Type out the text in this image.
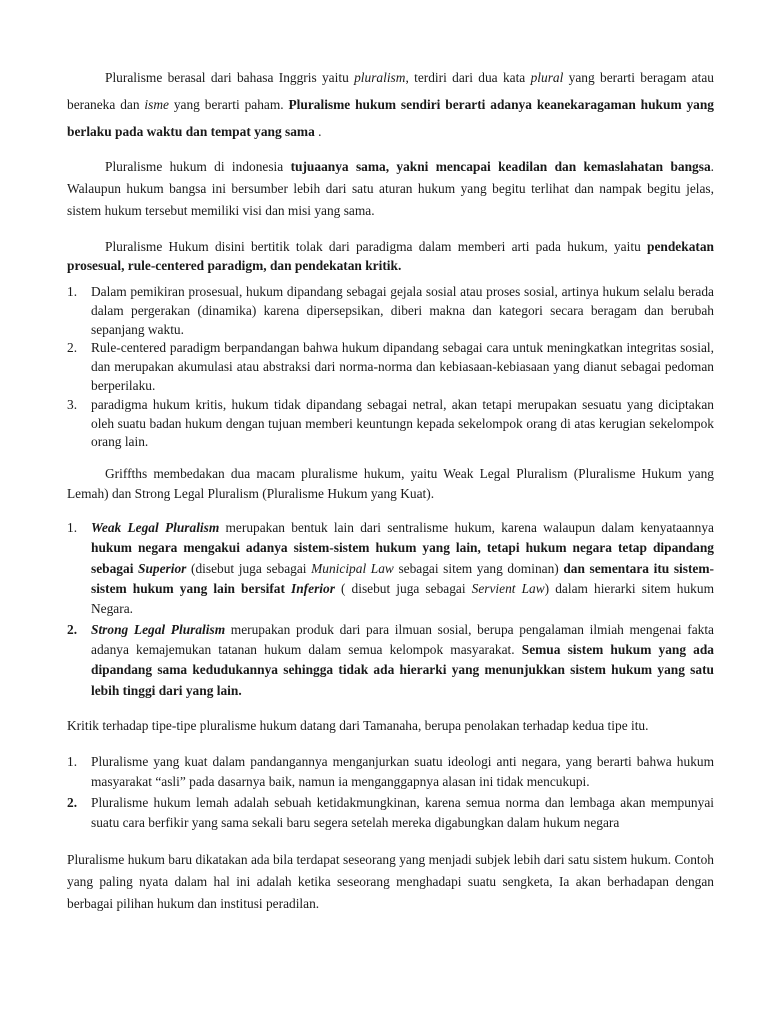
Pluralisme berasal dari bahasa Inggris yaitu pluralism, terdiri dari dua kata plural yang berarti beragam atau beraneka dan isme yang berarti paham. Pluralisme hukum sendiri berarti adanya keanekaragaman hukum yang berlaku pada waktu dan tempat yang sama .

Pluralisme hukum di indonesia tujuaanya sama, yakni mencapai keadilan dan kemaslahatan bangsa. Walaupun hukum bangsa ini bersumber lebih dari satu aturan hukum yang begitu terlihat dan nampak begitu jelas, sistem hukum tersebut memiliki visi dan misi yang sama.

Pluralisme Hukum disini bertitik tolak dari paradigma dalam memberi arti pada hukum, yaitu pendekatan prosesual, rule-centered paradigm, dan pendekatan kritik.

1. Dalam pemikiran prosesual, hukum dipandang sebagai gejala sosial atau proses sosial, artinya hukum selalu berada dalam pergerakan (dinamika) karena dipersepsikan, diberi makna dan kategori secara beragam dan berubah sepanjang waktu.
2. Rule-centered paradigm berpandangan bahwa hukum dipandang sebagai cara untuk meningkatkan integritas sosial, dan merupakan akumulasi atau abstraksi dari norma-norma dan kebiasaan-kebiasaan yang dianut sebagai pedoman berperilaku.
3. paradigma hukum kritis, hukum tidak dipandang sebagai netral, akan tetapi merupakan sesuatu yang diciptakan oleh suatu badan hukum dengan tujuan memberi keuntungn kepada sekelompok orang di atas kerugian sekelompok orang lain.

Griffths membedakan dua macam pluralisme hukum, yaitu Weak Legal Pluralism (Pluralisme Hukum yang Lemah) dan Strong Legal Pluralism (Pluralisme Hukum yang Kuat).

1. Weak Legal Pluralism merupakan bentuk lain dari sentralisme hukum, karena walaupun dalam kenyataannya hukum negara mengakui adanya sistem-sistem hukum yang lain, tetapi hukum negara tetap dipandang sebagai Superior (disebut juga sebagai Municipal Law sebagai sitem yang dominan) dan sementara itu sistem-sistem hukum yang lain bersifat Inferior ( disebut juga sebagai Servient Law) dalam hierarki sitem hukum Negara.
2. Strong Legal Pluralism merupakan produk dari para ilmuan sosial, berupa pengalaman ilmiah mengenai fakta adanya kemajemukan tatanan hukum dalam semua kelompok masyarakat. Semua sistem hukum yang ada dipandang sama kedudukannya sehingga tidak ada hierarki yang menunjukkan sistem hukum yang satu lebih tinggi dari yang lain.

Kritik terhadap tipe-tipe pluralisme hukum datang dari Tamanaha, berupa penolakan terhadap kedua tipe itu.

1. Pluralisme yang kuat dalam pandangannya menganjurkan suatu ideologi anti negara, yang berarti bahwa hukum masyarakat “asli” pada dasarnya baik, namun ia menganggapnya alasan ini tidak mencukupi.
2. Pluralisme hukum lemah adalah sebuah ketidakmungkinan, karena semua norma dan lembaga akan mempunyai suatu cara berfikir yang sama sekali baru segera setelah mereka digabungkan dalam hukum negara

Pluralisme hukum baru dikatakan ada bila terdapat seseorang yang menjadi subjek lebih dari satu sistem hukum. Contoh yang paling nyata dalam hal ini adalah ketika seseorang menghadapi suatu sengketa, Ia akan berhadapan dengan berbagai pilihan hukum dan institusi peradilan.
